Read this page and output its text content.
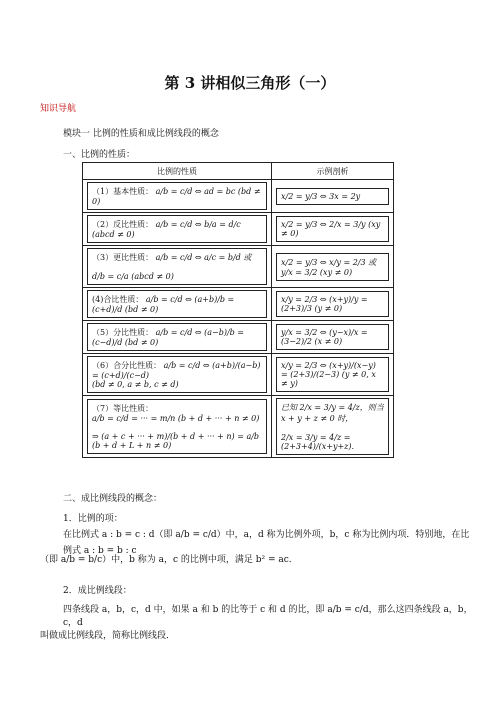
第 3 讲相似三角形（一）
知识导航
模块一 比例的性质和成比例线段的概念
一、比例的性质：
比例的性质	示例剖析

（1）基本性质： a/b = c/d ⇔ ad = bc (bd ≠ 0)	x/2 = y/3 ⇔ 3x = 2y

（2）反比性质： a/b = c/d ⇔ b/a = d/c (abcd ≠ 0)	x/2 = y/3 ⇔ 2/x = 3/y (xy ≠ 0)

（3）更比性质： a/b = c/d ⇔ a/c = b/d 或

d/b = c/a (abcd ≠ 0)	x/2 = y/3 ⇔ x/y = 2/3 或 y/x = 3/2 (xy ≠ 0)

(4)合比性质： a/b = c/d ⇔ (a+b)/b = (c+d)/d (bd ≠ 0)	x/y = 2/3 ⇔ (x+y)/y = (2+3)/3 (y ≠ 0)

（5）分比性质： a/b = c/d ⇔ (a−b)/b = (c−d)/d (bd ≠ 0)	y/x = 3/2 ⇔ (y−x)/x = (3−2)/2 (x ≠ 0)

（6）合分比性质： a/b = c/d ⇔ (a+b)/(a−b) = (c+d)/(c−d)
(bd ≠ 0, a ≠ b, c ≠ d)	x/y = 2/3 ⇔ (x+y)/(x−y) = (2+3)/(2−3) (y ≠ 0, x ≠ y)

（7）等比性质：
a/b = c/d = ··· = m/n (b + d + ··· + n ≠ 0)

⇒ (a + c + ··· + m)/(b + d + ··· + n) = a/b (b + d + L + n ≠ 0)	已知 2/x = 3/y = 4/z，则当 x + y + z ≠ 0 时，

2/x = 3/y = 4/z = (2+3+4)/(x+y+z).
二、成比例线段的概念：
1．比例的项：
在比例式 a : b = c : d（即 a/b = c/d）中，a，d 称为比例外项，b，c 称为比例内项．特别地，在比例式 a : b = b : c
（即 a/b = b/c）中，b 称为 a，c 的比例中项，满足 b² = ac．
2．成比例线段：
四条线段 a，b，c，d 中，如果 a 和 b 的比等于 c 和 d 的比，即 a/b = c/d，那么这四条线段 a，b，c，d
叫做成比例线段，简称比例线段．
